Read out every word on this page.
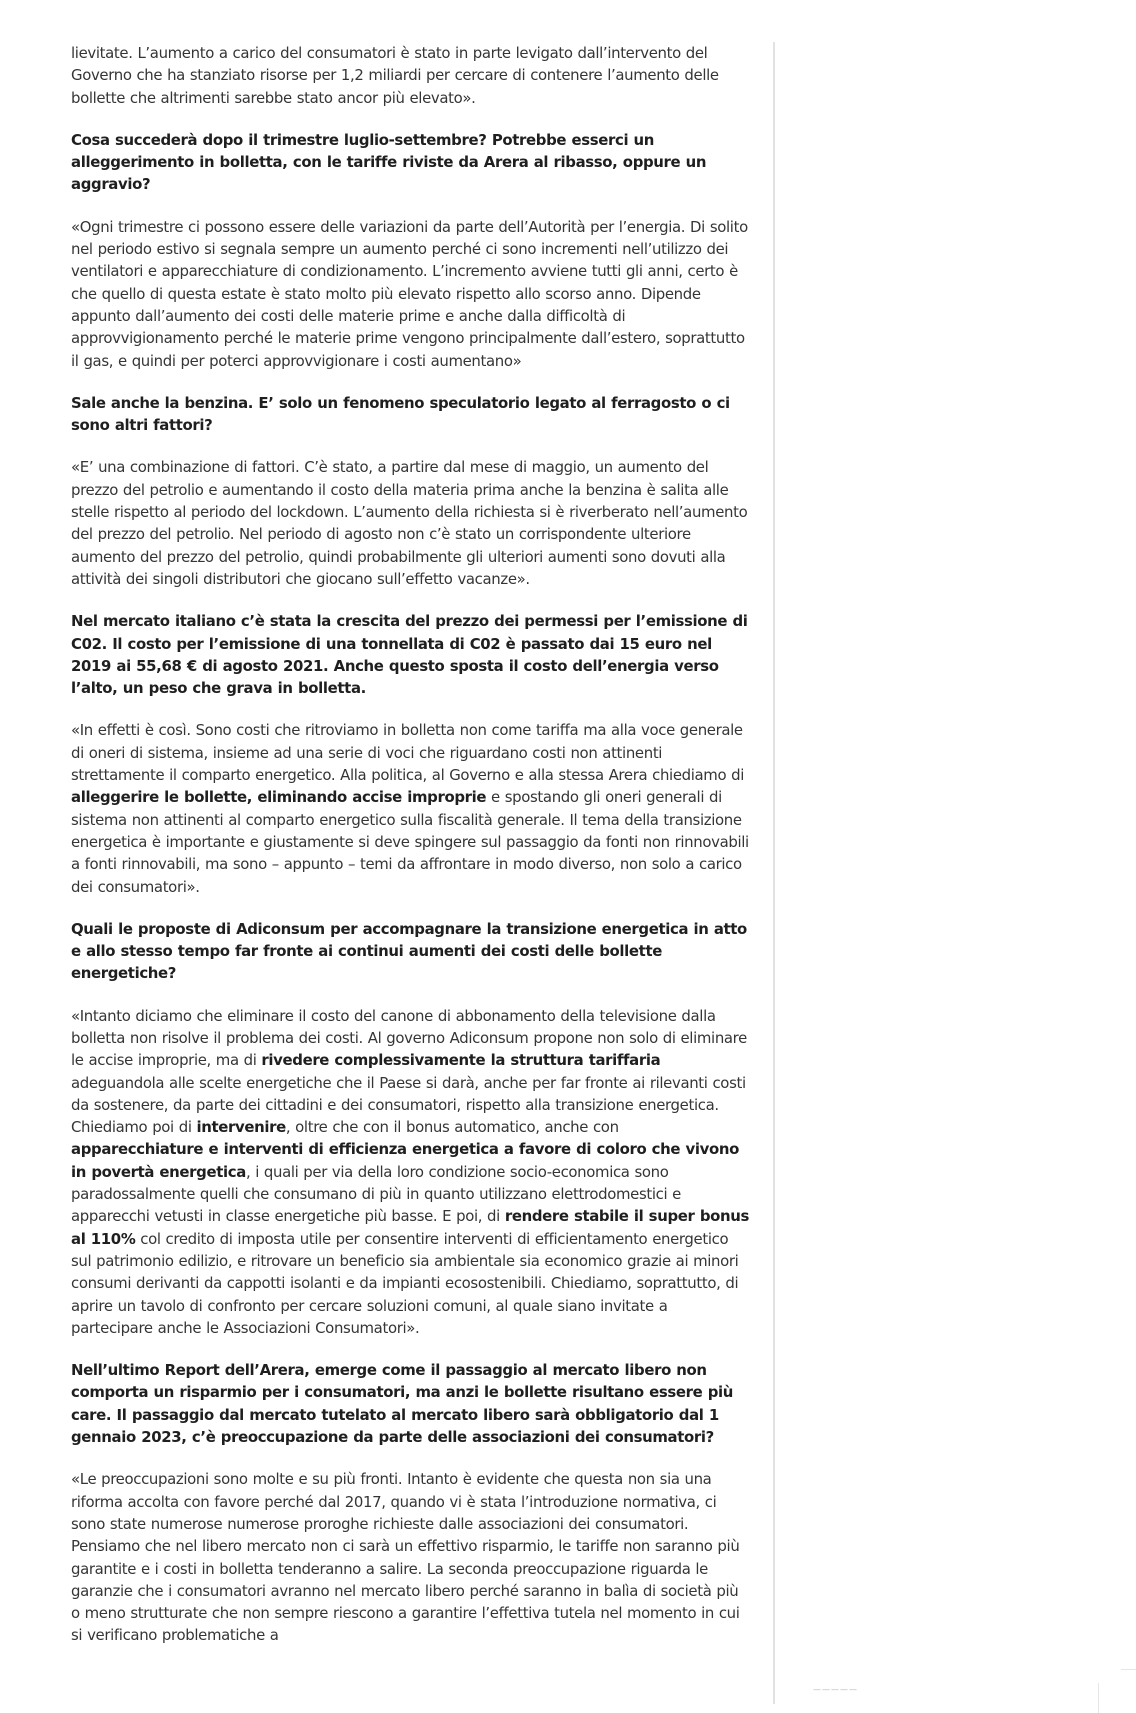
lievitate. L’aumento a carico del consumatori è stato in parte levigato dall’intervento del Governo che ha stanziato risorse per 1,2 miliardi per cercare di contenere l’aumento delle bollette che altrimenti sarebbe stato ancor più elevato».

Cosa succederà dopo il trimestre luglio-settembre? Potrebbe esserci un alleggerimento in bolletta, con le tariffe riviste da Arera al ribasso, oppure un aggravio?

«Ogni trimestre ci possono essere delle variazioni da parte dell’Autorità per l’energia. Di solito nel periodo estivo si segnala sempre un aumento perché ci sono incrementi nell’utilizzo dei ventilatori e apparecchiature di condizionamento. L’incremento avviene tutti gli anni, certo è che quello di questa estate è stato molto più elevato rispetto allo scorso anno. Dipende appunto dall’aumento dei costi delle materie prime e anche dalla difficoltà di approvvigionamento perché le materie prime vengono principalmente dall’estero, soprattutto il gas, e quindi per poterci approvvigionare i costi aumentano»

Sale anche la benzina. E’ solo un fenomeno speculatorio legato al ferragosto o ci sono altri fattori?

«E’ una combinazione di fattori. C’è stato, a partire dal mese di maggio, un aumento del prezzo del petrolio e aumentando il costo della materia prima anche la benzina è salita alle stelle rispetto al periodo del lockdown. L’aumento della richiesta si è riverberato nell’aumento del prezzo del petrolio. Nel periodo di agosto non c’è stato un corrispondente ulteriore aumento del prezzo del petrolio, quindi probabilmente gli ulteriori aumenti sono dovuti alla attività dei singoli distributori che giocano sull’effetto vacanze».

Nel mercato italiano c’è stata la crescita del prezzo dei permessi per l’emissione di C02. Il costo per l’emissione di una tonnellata di C02 è passato dai 15 euro nel 2019 ai 55,68 € di agosto 2021. Anche questo sposta il costo dell’energia verso l’alto, un peso che grava in bolletta.

«In effetti è così. Sono costi che ritroviamo in bolletta non come tariffa ma alla voce generale di oneri di sistema, insieme ad una serie di voci che riguardano costi non attinenti strettamente il comparto energetico. Alla politica, al Governo e alla stessa Arera chiediamo di alleggerire le bollette, eliminando accise improprie e spostando gli oneri generali di sistema non attinenti al comparto energetico sulla fiscalità generale. Il tema della transizione energetica è importante e giustamente si deve spingere sul passaggio da fonti non rinnovabili a fonti rinnovabili, ma sono – appunto – temi da affrontare in modo diverso, non solo a carico dei consumatori».

Quali le proposte di Adiconsum per accompagnare la transizione energetica in atto e allo stesso tempo far fronte ai continui aumenti dei costi delle bollette energetiche?

«Intanto diciamo che eliminare il costo del canone di abbonamento della televisione dalla bolletta non risolve il problema dei costi. Al governo Adiconsum propone non solo di eliminare le accise improprie, ma di rivedere complessivamente la struttura tariffaria adeguandola alle scelte energetiche che il Paese si darà, anche per far fronte ai rilevanti costi da sostenere, da parte dei cittadini e dei consumatori, rispetto alla transizione energetica. Chiediamo poi di intervenire, oltre che con il bonus automatico, anche con apparecchiature e interventi di efficienza energetica a favore di coloro che vivono in povertà energetica, i quali per via della loro condizione socio-economica sono paradossalmente quelli che consumano di più in quanto utilizzano elettrodomestici e apparecchi vetusti in classe energetiche più basse. E poi, di rendere stabile il super bonus al 110% col credito di imposta utile per consentire interventi di efficientamento energetico sul patrimonio edilizio, e ritrovare un beneficio sia ambientale sia economico grazie ai minori consumi derivanti da cappotti isolanti e da impianti ecosostenibili. Chiediamo, soprattutto, di aprire un tavolo di confronto per cercare soluzioni comuni, al quale siano invitate a partecipare anche le Associazioni Consumatori».

Nell’ultimo Report dell’Arera, emerge come il passaggio al mercato libero non comporta un risparmio per i consumatori, ma anzi le bollette risultano essere più care. Il passaggio dal mercato tutelato al mercato libero sarà obbligatorio dal 1 gennaio 2023, c’è preoccupazione da parte delle associazioni dei consumatori?

«Le preoccupazioni sono molte e su più fronti. Intanto è evidente che questa non sia una riforma accolta con favore perché dal 2017, quando vi è stata l’introduzione normativa, ci sono state numerose numerose proroghe richieste dalle associazioni dei consumatori. Pensiamo che nel libero mercato non ci sarà un effettivo risparmio, le tariffe non saranno più garantite e i costi in bolletta tenderanno a salire. La seconda preoccupazione riguarda le garanzie che i consumatori avranno nel mercato libero perché saranno in balìa di società più o meno strutturate che non sempre riescono a garantire l’effettiva tutela nel momento in cui si verificano problematiche a

—————
